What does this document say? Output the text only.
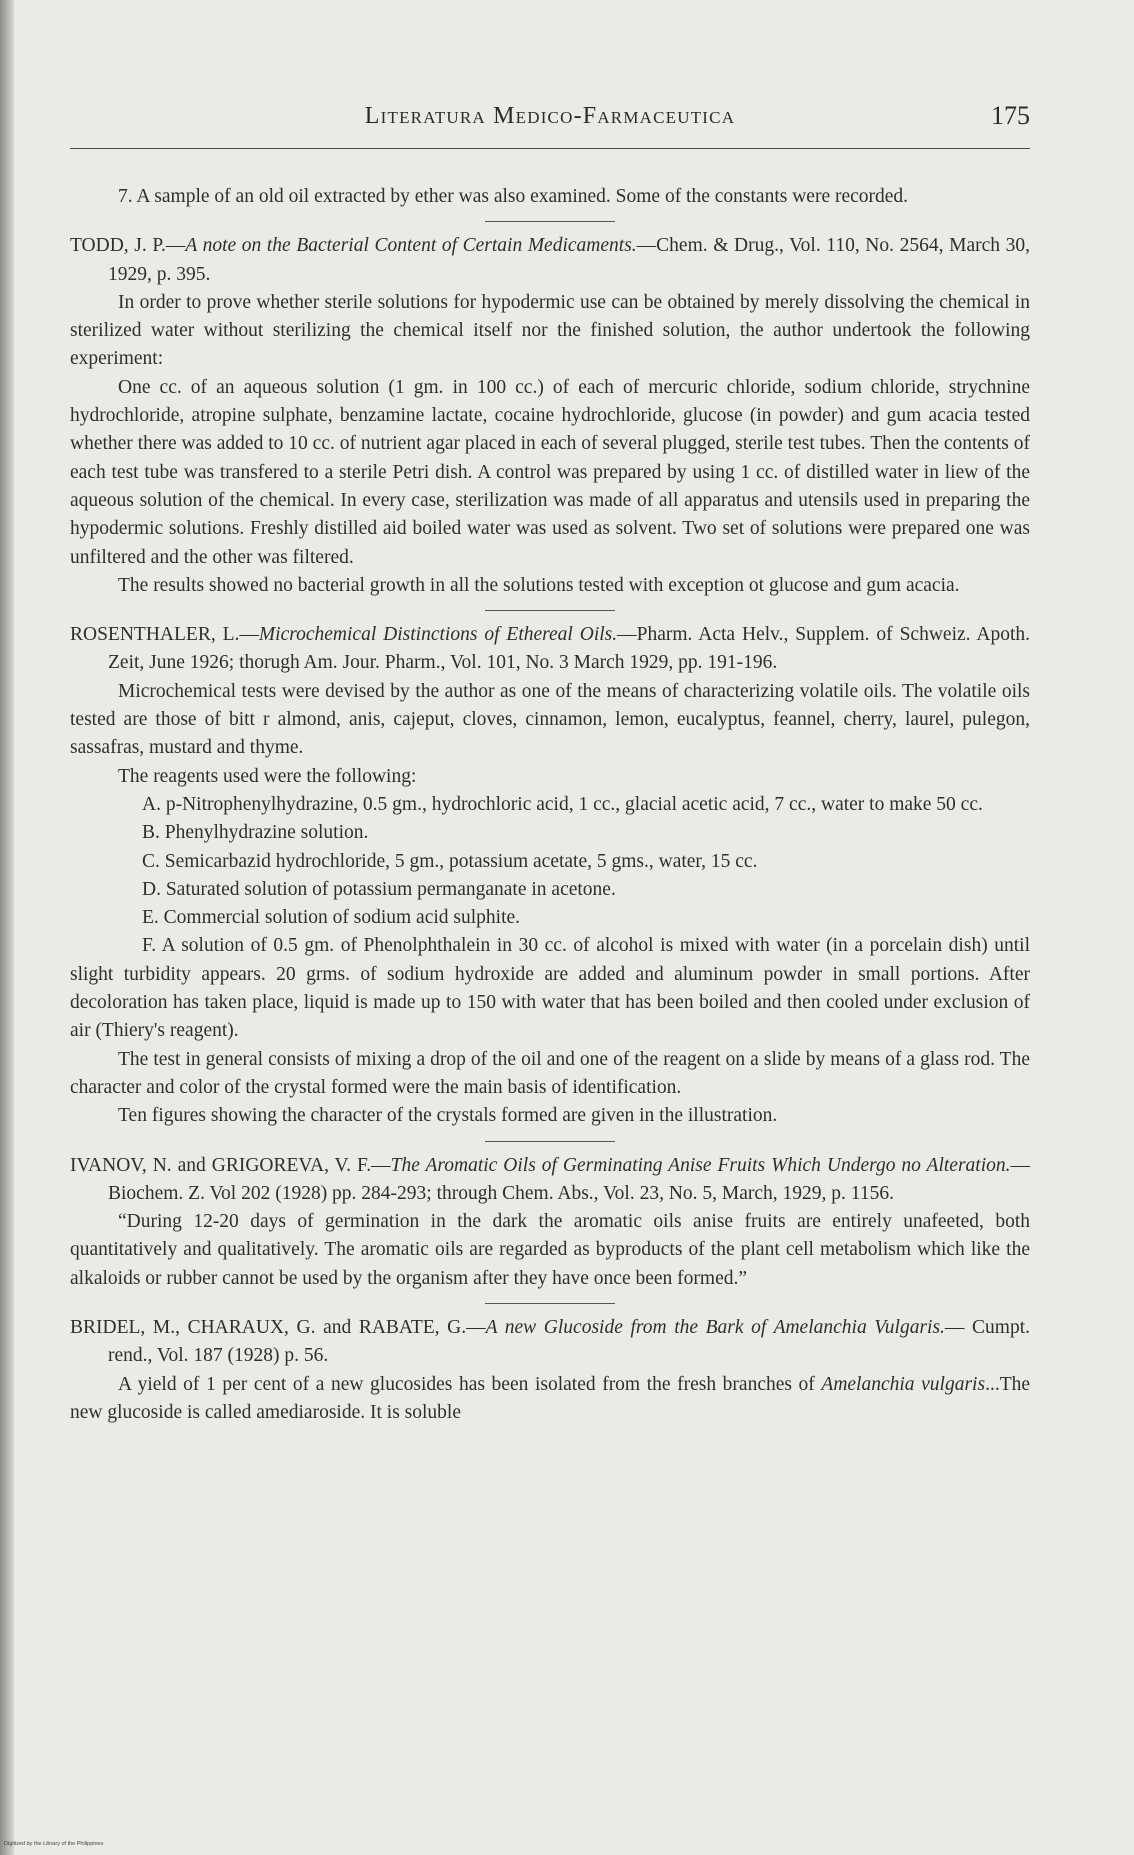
Literatura Medico-Farmaceutica	175

7. A sample of an old oil extracted by ether was also examined. Some of the constants were recorded.

TODD, J. P.—A note on the Bacterial Content of Certain Medicaments.—Chem. & Drug., Vol. 110, No. 2564, March 30, 1929, p. 395.

In order to prove whether sterile solutions for hypodermic use can be obtained by merely dissolving the chemical in sterilized water without sterilizing the chemical itself nor the finished solution, the author undertook the following experiment:

One cc. of an aqueous solution (1 gm. in 100 cc.) of each of mercuric chloride, sodium chloride, strychnine hydrochloride, atropine sulphate, benzamine lactate, cocaine hydrochloride, glucose (in powder) and gum acacia tested whether there was added to 10 cc. of nutrient agar placed in each of several plugged, sterile test tubes. Then the contents of each test tube was transfered to a sterile Petri dish. A control was prepared by using 1 cc. of distilled water in liew of the aqueous solution of the chemical. In every case, sterilization was made of all apparatus and utensils used in preparing the hypodermic solutions. Freshly distilled aid boiled water was used as solvent. Two set of solutions were prepared one was unfiltered and the other was filtered.

The results showed no bacterial growth in all the solutions tested with exception ot glucose and gum acacia.

ROSENTHALER, L.—Microchemical Distinctions of Ethereal Oils.—Pharm. Acta Helv., Supplem. of Schweiz. Apoth. Zeit, June 1926; thorugh Am. Jour. Pharm., Vol. 101, No. 3 March 1929, pp. 191-196.

Microchemical tests were devised by the author as one of the means of characterizing volatile oils. The volatile oils tested are those of bitt r almond, anis, cajeput, cloves, cinnamon, lemon, eucalyptus, feannel, cherry, laurel, pulegon, sassafras, mustard and thyme.

The reagents used were the following:

A. p-Nitrophenylhydrazine, 0.5 gm., hydrochloric acid, 1 cc., glacial acetic acid, 7 cc., water to make 50 cc.

B. Phenylhydrazine solution.

C. Semicarbazid hydrochloride, 5 gm., potassium acetate, 5 gms., water, 15 cc.

D. Saturated solution of potassium permanganate in acetone.

E. Commercial solution of sodium acid sulphite.

F. A solution of 0.5 gm. of Phenolphthalein in 30 cc. of alcohol is mixed with water (in a porcelain dish) until slight turbidity appears. 20 grms. of sodium hydroxide are added and aluminum powder in small portions. After decoloration has taken place, liquid is made up to 150 with water that has been boiled and then cooled under exclusion of air (Thiery's reagent).

The test in general consists of mixing a drop of the oil and one of the reagent on a slide by means of a glass rod. The character and color of the crystal formed were the main basis of identification.

Ten figures showing the character of the crystals formed are given in the illustration.

IVANOV, N. and GRIGOREVA, V. F.—The Aromatic Oils of Germinating Anise Fruits Which Undergo no Alteration.—Biochem. Z. Vol 202 (1928) pp. 284-293; through Chem. Abs., Vol. 23, No. 5, March, 1929, p. 1156.

“During 12-20 days of germination in the dark the aromatic oils anise fruits are entirely unafeeted, both quantitatively and qualitatively. The aromatic oils are regarded as byproducts of the plant cell metabolism which like the alkaloids or rubber cannot be used by the organism after they have once been formed.”

BRIDEL, M., CHARAUX, G. and RABATE, G.—A new Glucoside from the Bark of Amelanchia Vulgaris.— Cumpt. rend., Vol. 187 (1928) p. 56.

A yield of 1 per cent of a new glucosides has been isolated from the fresh branches of Amelanchia vulgaris...The new glucoside is called amediaroside. It is soluble

Digitized by the Library of the Philippines
